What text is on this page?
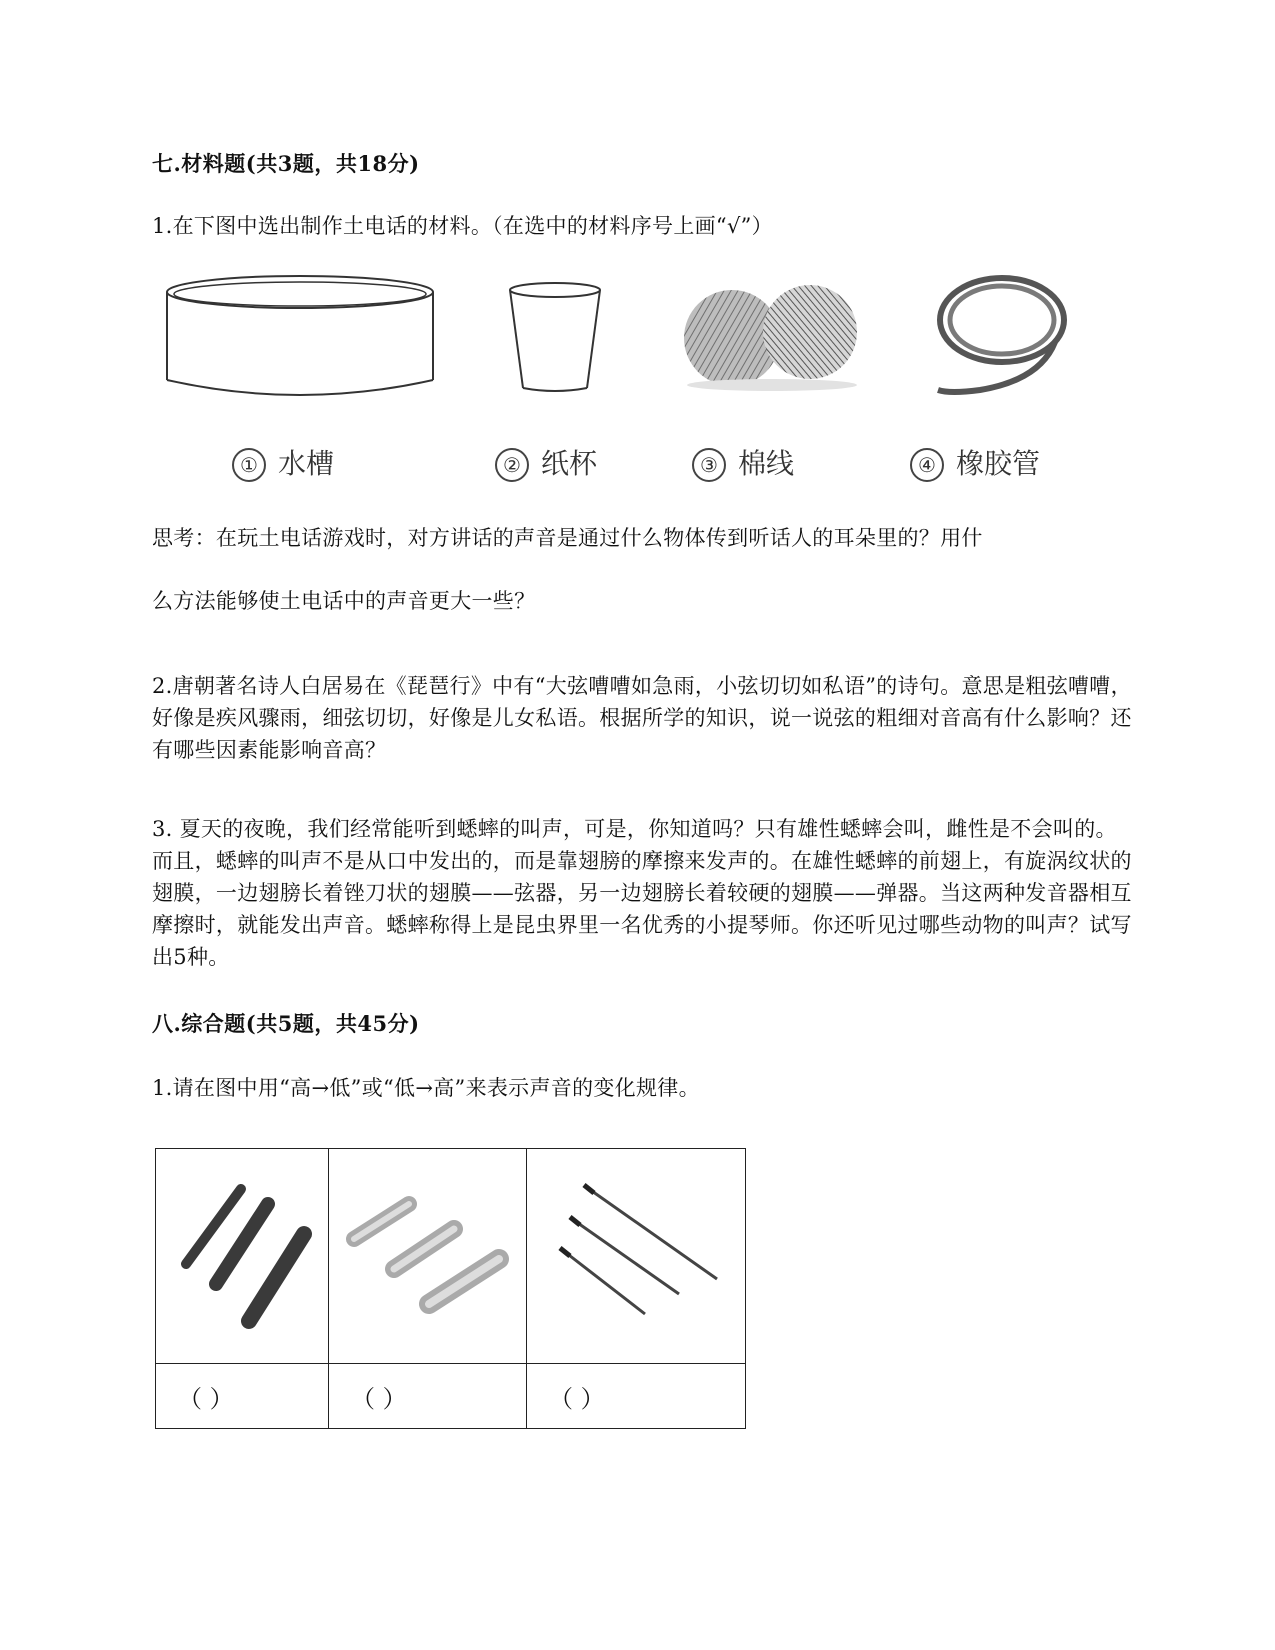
七.材料题(共3题，共18分)
1.在下图中选出制作土电话的材料。（在选中的材料序号上画“√”）
① 水槽	② 纸杯	③ 棉线	④ 橡胶管
思考：在玩土电话游戏时，对方讲话的声音是通过什么物体传到听话人的耳朵里的？用什
么方法能够使土电话中的声音更大一些？
2.唐朝著名诗人白居易在《琵琶行》中有“大弦嘈嘈如急雨，小弦切切如私语”的诗句。意思是粗弦嘈嘈，好像是疾风骤雨，细弦切切，好像是儿女私语。根据所学的知识，说一说弦的粗细对音高有什么影响？还有哪些因素能影响音高？
3. 夏天的夜晚，我们经常能听到蟋蟀的叫声，可是，你知道吗？只有雄性蟋蟀会叫，雌性是不会叫的。而且，蟋蟀的叫声不是从口中发出的，而是靠翅膀的摩擦来发声的。在雄性蟋蟀的前翅上，有旋涡纹状的翅膜，一边翅膀长着锉刀状的翅膜——弦器，另一边翅膀长着较硬的翅膜——弹器。当这两种发音器相互摩擦时，就能发出声音。蟋蟀称得上是昆虫界里一名优秀的小提琴师。你还听见过哪些动物的叫声？试写出5种。
八.综合题(共5题，共45分)
1.请在图中用“高→低”或“低→高”来表示声音的变化规律。

（ ）	（ ）	（ ）
